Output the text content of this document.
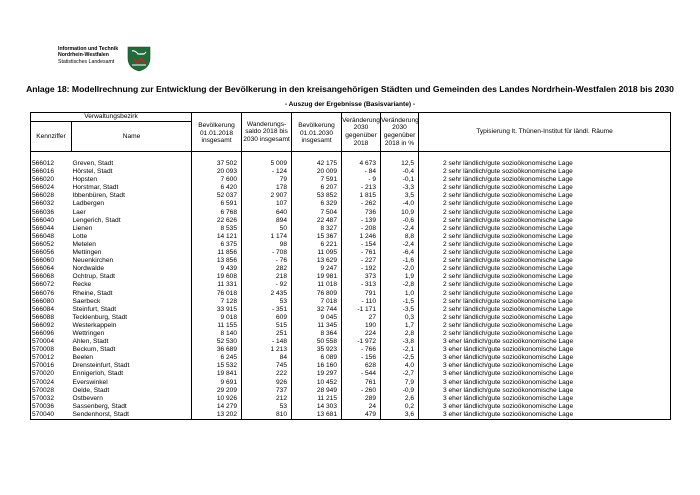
Information und Technik
Nordrhein-Westfalen
Statistisches Landesamt
Anlage 18: Modellrechnung zur Entwicklung der Bevölkerung in den kreisangehörigen Städten und Gemeinden des Landes Nordrhein-Westfalen 2018 bis 2030
- Auszug der Ergebnisse (Basisvariante) -
Verwaltungsbezirk		Bevölkerung 01.01.2018 insgesamt	Wanderungs-saldo 2018 bis 2030 insgesamt	Bevölkerung 01.01.2030 insgesamt	Veränderung 2030 gegenüber 2018	Veränderung 2030 gegenüber 2018 in %	Typisierung lt. Thünen-Institut für ländl. Räume
Kennziffer	Name						
566012	Greven, Stadt	37 502	5 009	42 175	4 673	12,5	2 sehr ländlich/gute sozioökonomische Lage
566016	Hörstel, Stadt	20 093	- 124	20 009	- 84	-0,4	2 sehr ländlich/gute sozioökonomische Lage
566020	Hopsten	7 600	79	7 591	- 9	-0,1	2 sehr ländlich/gute sozioökonomische Lage
566024	Horstmar, Stadt	6 420	178	6 207	- 213	-3,3	2 sehr ländlich/gute sozioökonomische Lage
566028	Ibbenbüren, Stadt	52 037	2 907	53 852	1 815	3,5	2 sehr ländlich/gute sozioökonomische Lage
566032	Ladbergen	6 591	107	6 329	- 262	-4,0	2 sehr ländlich/gute sozioökonomische Lage
566036	Laer	6 768	640	7 504	736	10,9	2 sehr ländlich/gute sozioökonomische Lage
566040	Lengerich, Stadt	22 626	894	22 487	- 139	-0,6	2 sehr ländlich/gute sozioökonomische Lage
566044	Lienen	8 535	50	8 327	- 208	-2,4	2 sehr ländlich/gute sozioökonomische Lage
566048	Lotte	14 121	1 174	15 367	1 246	8,8	2 sehr ländlich/gute sozioökonomische Lage
566052	Metelen	6 375	98	6 221	- 154	-2,4	2 sehr ländlich/gute sozioökonomische Lage
566056	Mettingen	11 856	- 708	11 095	- 761	-6,4	2 sehr ländlich/gute sozioökonomische Lage
566060	Neuenkirchen	13 856	- 76	13 629	- 227	-1,6	2 sehr ländlich/gute sozioökonomische Lage
566064	Nordwalde	9 439	282	9 247	- 192	-2,0	2 sehr ländlich/gute sozioökonomische Lage
566068	Ochtrup, Stadt	19 608	218	19 981	373	1,9	2 sehr ländlich/gute sozioökonomische Lage
566072	Recke	11 331	- 92	11 018	- 313	-2,8	2 sehr ländlich/gute sozioökonomische Lage
566076	Rheine, Stadt	76 018	2 435	76 809	791	1,0	2 sehr ländlich/gute sozioökonomische Lage
566080	Saerbeck	7 128	53	7 018	- 110	-1,5	2 sehr ländlich/gute sozioökonomische Lage
566084	Steinfurt, Stadt	33 915	- 351	32 744	-1 171	-3,5	2 sehr ländlich/gute sozioökonomische Lage
566088	Tecklenburg, Stadt	9 018	609	9 045	27	0,3	2 sehr ländlich/gute sozioökonomische Lage
566092	Westerkappeln	11 155	515	11 345	190	1,7	2 sehr ländlich/gute sozioökonomische Lage
566096	Wettringen	8 140	251	8 364	224	2,8	2 sehr ländlich/gute sozioökonomische Lage
570004	Ahlen, Stadt	52 530	- 148	50 558	-1 972	-3,8	3 eher ländlich/gute sozioökonomische Lage
570008	Beckum, Stadt	36 689	1 213	35 923	- 766	-2,1	3 eher ländlich/gute sozioökonomische Lage
570012	Beelen	6 245	84	6 089	- 156	-2,5	3 eher ländlich/gute sozioökonomische Lage
570016	Drensteinfurt, Stadt	15 532	745	16 160	628	4,0	3 eher ländlich/gute sozioökonomische Lage
570020	Ennigerloh, Stadt	19 841	222	19 297	- 544	-2,7	3 eher ländlich/gute sozioökonomische Lage
570024	Everswinkel	9 691	926	10 452	761	7,9	3 eher ländlich/gute sozioökonomische Lage
570028	Oelde, Stadt	29 209	737	28 949	- 260	-0,9	3 eher ländlich/gute sozioökonomische Lage
570032	Ostbevern	10 926	212	11 215	289	2,6	3 eher ländlich/gute sozioökonomische Lage
570036	Sassenberg, Stadt	14 279	53	14 303	24	0,2	3 eher ländlich/gute sozioökonomische Lage
570040	Sendenhorst, Stadt	13 202	810	13 681	479	3,6	3 eher ländlich/gute sozioökonomische Lage
